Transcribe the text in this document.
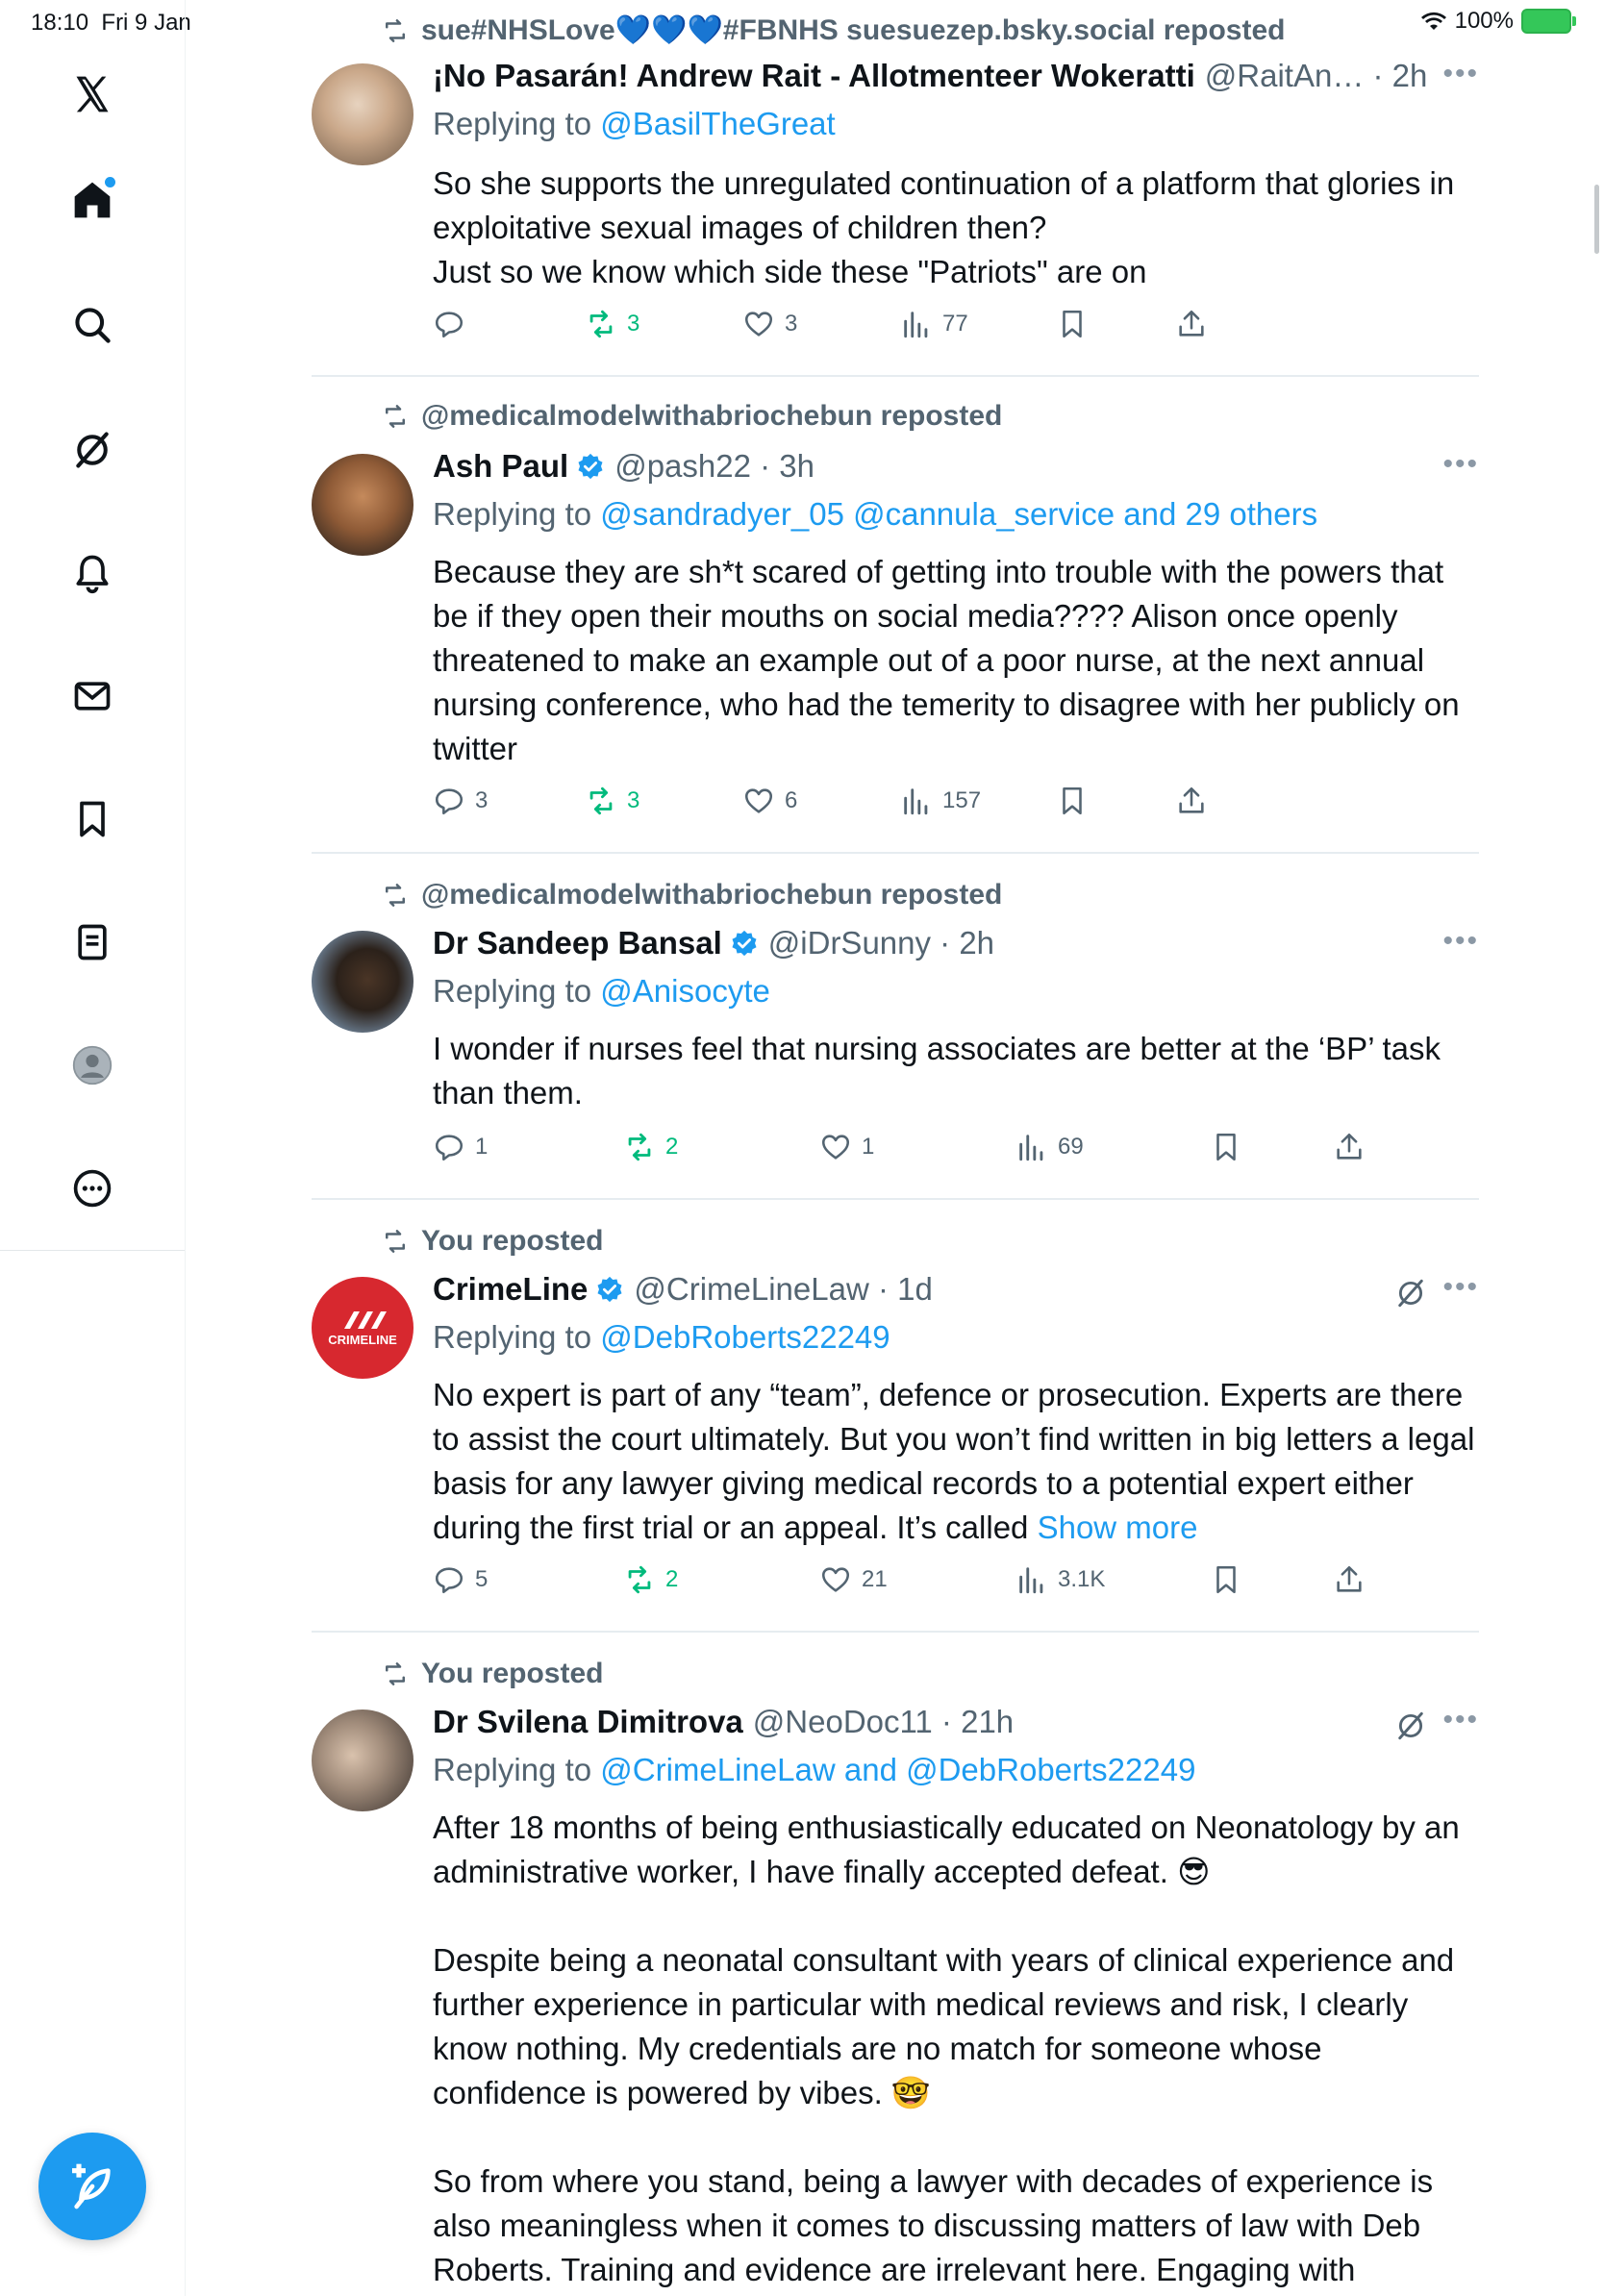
18:10 Fri 9 Jan	100%
sue#NHSLove💙💙💙#FBNHS suesuezep.bsky.social reposted
¡No Pasarán! Andrew Rait - Allotmenteer Wokeratti @RaitAn… · 2h •••
Replying to @BasilTheGreat
So she supports the unregulated continuation of a platform that glories in exploitative sexual images of children then?
Just so we know which side these "Patriots" are on
3	3	77
@medicalmodelwithabriochebun reposted
Ash Paul @pash22 · 3h	•••
Replying to @sandradyer_05 @cannula_service and 29 others
Because they are sh*t scared of getting into trouble with the powers that be if they open their mouths on social media???? Alison once openly threatened to make an example out of a poor nurse, at the next annual nursing conference, who had the temerity to disagree with her publicly on twitter
3	3	6	157
@medicalmodelwithabriochebun reposted
Dr Sandeep Bansal @iDrSunny · 2h	•••
Replying to @Anisocyte
I wonder if nurses feel that nursing associates are better at the ‘BP’ task than them.
1	2	1	69
You reposted
CRIMELINE
CrimeLine @CrimeLineLaw · 1d	•••
Replying to @DebRoberts22249
No expert is part of any “team”, defence or prosecution. Experts are there to assist the court ultimately. But you won’t find written in big letters a legal basis for any lawyer giving medical records to a potential expert either during the first trial or an appeal. It’s called Show more
5	2	21	3.1K
You reposted
Dr Svilena Dimitrova @NeoDoc11 · 21h	•••
Replying to @CrimeLineLaw and @DebRoberts22249
After 18 months of being enthusiastically educated on Neonatology by an administrative worker, I have finally accepted defeat. 😎

Despite being a neonatal consultant with years of clinical experience and further experience in particular with medical reviews and risk, I clearly know nothing. My credentials are no match for someone whose confidence is powered by vibes. 🤓

So from where you stand, being a lawyer with decades of experience is also meaningless when it comes to discussing matters of law with Deb Roberts. Training and evidence are irrelevant here. Engaging with
